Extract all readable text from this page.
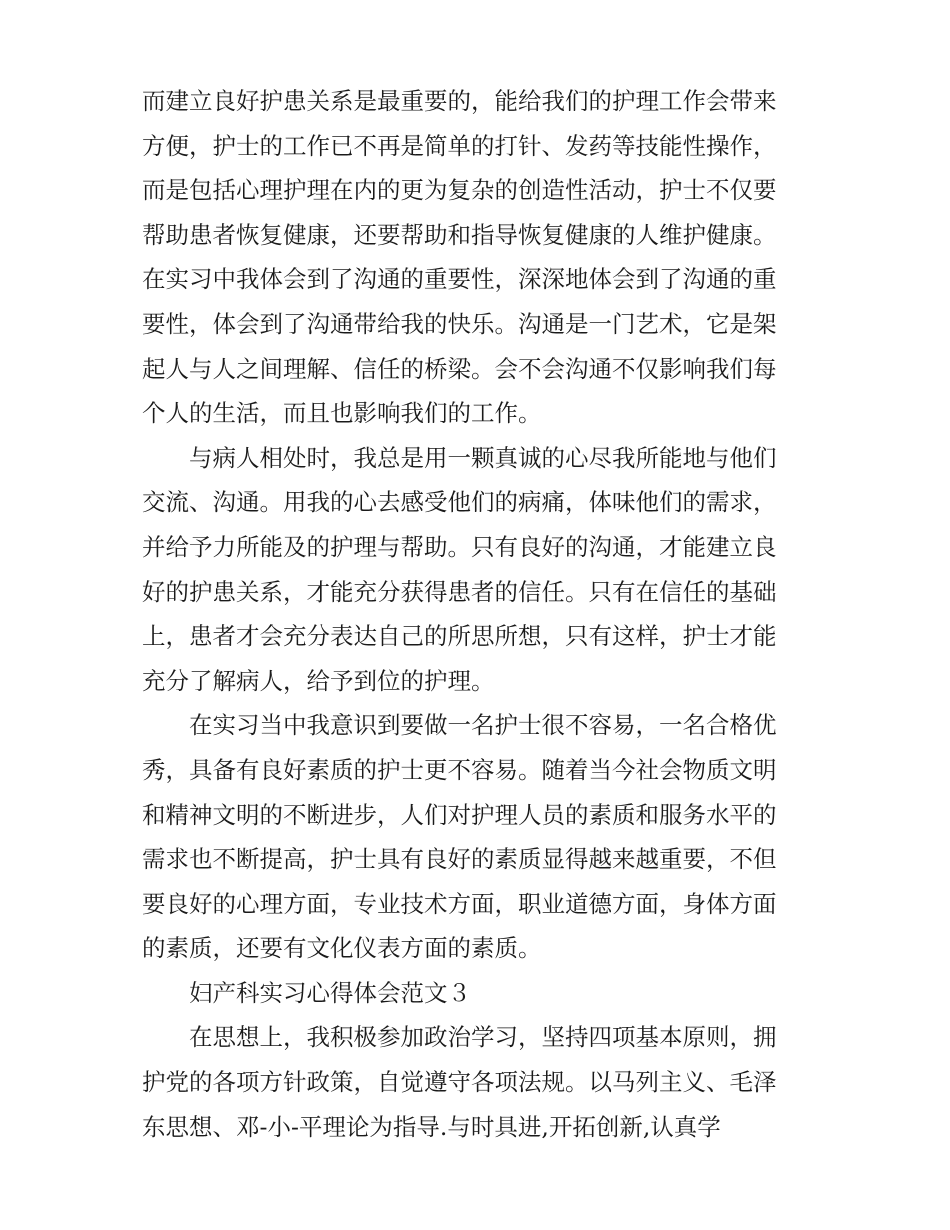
而建立良好护患关系是最重要的，能给我们的护理工作会带来
方便，护士的工作已不再是简单的打针、发药等技能性操作，
而是包括心理护理在内的更为复杂的创造性活动，护士不仅要
帮助患者恢复健康，还要帮助和指导恢复健康的人维护健康。
在实习中我体会到了沟通的重要性，深深地体会到了沟通的重
要性，体会到了沟通带给我的快乐。沟通是一门艺术，它是架
起人与人之间理解、信任的桥梁。会不会沟通不仅影响我们每
个人的生活，而且也影响我们的工作。
与病人相处时，我总是用一颗真诚的心尽我所能地与他们
交流、沟通。用我的心去感受他们的病痛，体味他们的需求，
并给予力所能及的护理与帮助。只有良好的沟通，才能建立良
好的护患关系，才能充分获得患者的信任。只有在信任的基础
上，患者才会充分表达自己的所思所想，只有这样，护士才能
充分了解病人，给予到位的护理。
在实习当中我意识到要做一名护士很不容易，一名合格优
秀，具备有良好素质的护士更不容易。随着当今社会物质文明
和精神文明的不断进步，人们对护理人员的素质和服务水平的
需求也不断提高，护士具有良好的素质显得越来越重要，不但
要良好的心理方面，专业技术方面，职业道德方面，身体方面
的素质，还要有文化仪表方面的素质。
妇产科实习心得体会范文３
在思想上，我积极参加政治学习，坚持四项基本原则，拥
护党的各项方针政策，自觉遵守各项法规。以马列主义、毛泽
东思想、邓-小-平理论为指导.与时具进,开拓创新,认真学
